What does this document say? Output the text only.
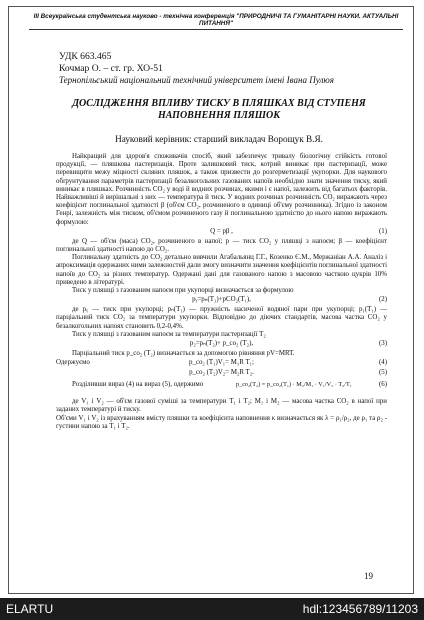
III Всеукраїнська студентська науково - технічна конференція "ПРИРОДНИЧІ ТА ГУМАНІТАРНІ НАУКИ. АКТУАЛЬНІ ПИТАННЯ"
УДК 663.465
Кочмар О. – ст. гр. ХО-51
Тернопільський національний технічний університет імені Івана Пулюя
ДОСЛІДЖЕННЯ ВПЛИВУ ТИСКУ В ПЛЯШКАХ ВІД СТУПЕНЯ НАПОВНЕННЯ ПЛЯШОК
Науковий керівник: старший викладач Ворощук В.Я.

Найкращий для здоров'я споживачів спосіб, який забезпечує тривалу біологічну стійкість готової продукції, — пляшкова пастеризація. Проте залишковий тиск, котрий виникає при пастеризації, може перевищити межу міцності скляних пляшок, а також призвести до розгерметизації укупорки. Для наукового обґрунтування параметрів пастеризації безалкогольних газованих напоїв необхідно знати значення тиску, який виникає в пляшках. Розчинність CO₂ у воді й водних розчинах, якими і є напої, залежить від багатьох факторів. Найважливіші й вирішальні з них — температура й тиск. У водних розчинах розчинність CO₂ виражають через коефіцієнт поглинальної здатності β (об'єм CO₂, розчиненого в одиниці об'єму розчинника). Згідно із законом Генрі, залежність між тиском, об'ємом розчиненого газу й поглинальною здатністю до нього напою виражають формулою:

Q = pβ ,	(1)

де Q — об'єм (маса) CO₂, розчиненого в напої; p — тиск CO₂ у пляшці з напоєм; β — коефіцієнт поглинальної здатності напою до CO₂.

Поглинальну здатність до CO₂ детально вивчили Агабальянц Г.Г., Козенко Є.М., Мержанiан А.А. Аналіз і апроксимація одержаних ними залежностей дали змогу визначити значення коефіцієнтів поглинальної здатності напоїв до CO₂ за різних температур. Одержані дані для газованого напою з масовою часткою цукрів 10% приведено в літературі.

Тиск у пляшці з газованим напоєм при укупорці визначається за формулою

pᵧ=pₙ(T₁)+pCO₂(T₁),	(2)

де pᵧ — тиск при укупорці; pₙ(T₁) — пружність насиченої водяної пари при укупорці; p₁(T₁) — парціальний тиск CO₂ за температури укупорки. Відповідно до діючих стандартів, масова частка CO₂ у безалкогольних напоях становить 0,2-0,4%.

Тиск у пляшці з газованим напоєм за температури пастеризації T₂

p₂=pₙ(T₂)+ p_co₂ (T₂),	(3)

Парціальний тиск p_co₂ (T₂) визначається за допомогою рівняння pV=MRT.

Одержуємо	p_co₂ (T₁)V₁= M₁R T₁;	(4)
p_co₂ (T₂)V₂= M₂R T₂.	(5)
Розділивши вираз (4) на вираз (5), одержимо	p_co₂(T₂) = p_co₂(T₁) · M₂/M₁ · V₁/V₂ · T₂/T₁	(6)

де V₁ і V₂ — об'єм газової суміші за температури T₁ і T₂; M₁ і M₂ — масова частка CO₂ в напої при заданих температурі й тиску.

Об'єми V₁ і V₂ із врахуванням вмісту пляшки та коефіцієнта наповнення κ визначається як λ = ρ₁/ρ₂, де ρ₁ та ρ₂ - густини напою за T₁ і T₂.

19
ELARTU	hdl:123456789/11203
